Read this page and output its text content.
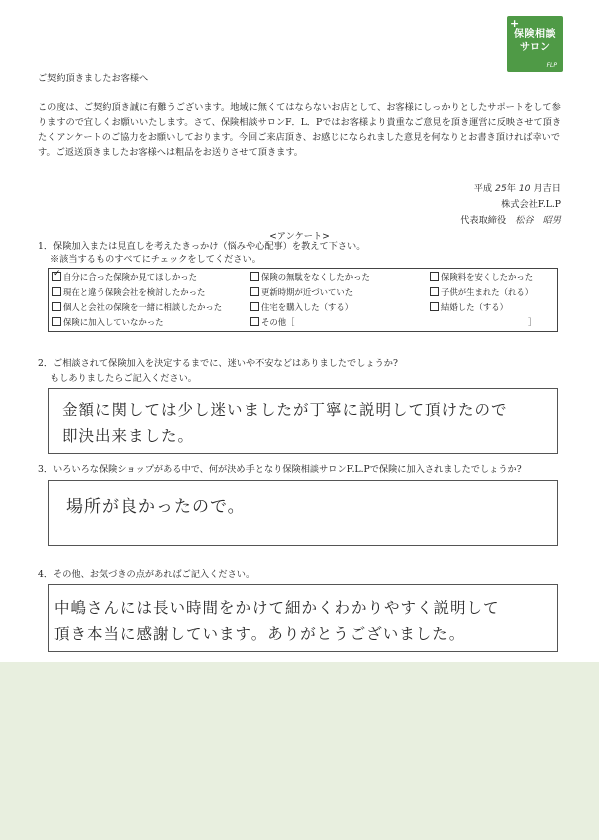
+
保険相談
サロン
FLP
ご契約頂きましたお客様へ
この度は、ご契約頂き誠に有難うございます。地域に無くてはならないお店として、お客様にしっかりとしたサポートをして参りますので宜しくお願いいたします。さて、保険相談サロンF．L．Pではお客様より貴重なご意見を頂き運営に反映させて頂きたくアンケートのご協力をお願いしております。今回ご来店頂き、お感じになられました意見を何なりとお書き頂ければ幸いです。ご返送頂きましたお客様へは粗品をお送りさせて頂きます。
平成 25年 10 月吉日
株式会社F.L.P
代表取締役 松谷　昭男
<アンケート>
1．保険加入または見直しを考えたきっかけ（悩みや心配事）を教えて下さい。
※該当するものすべてにチェックをしてください。
✓自分に合った保険か見てほしかった	保険の無駄をなくしたかった	保険料を安くしたかった
現在と違う保険会社を検討したかった	更新時期が近づいていた	子供が生まれた（れる）
個人と会社の保険を一緒に相談したかった	住宅を購入した（する）	結婚した（する）
保険に加入していなかった	その他［	］
2．ご相談されて保険加入を決定するまでに、迷いや不安などはありましたでしょうか?
もしありましたらご記入ください。
金額に関しては少し迷いましたが丁寧に説明して頂けたので
即決出来ました。
3．いろいろな保険ショップがある中で、何が決め手となり保険相談サロンF.L.Pで保険に加入されましたでしょうか?
場所が良かったので。
4．その他、お気づきの点があればご記入ください。
中嶋さんには長い時間をかけて細かくわかりやすく説明して
頂き本当に感謝しています。ありがとうございました。
